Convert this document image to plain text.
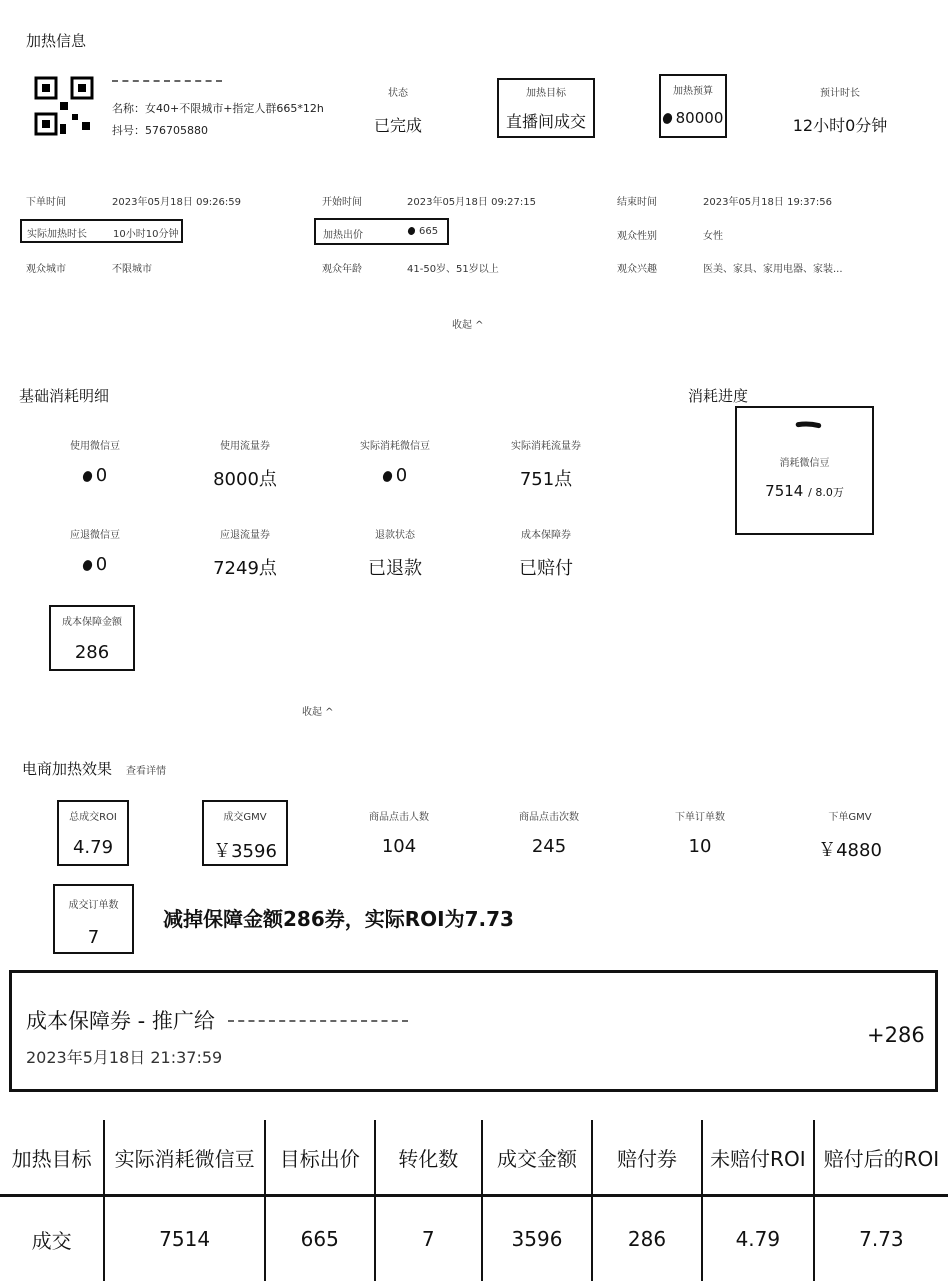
加热信息
名称：女40+不限城市+指定人群665*12h
抖号：576705880
状态
已完成
加热目标
直播间成交
加热预算
80000
预计时长
12小时0分钟
下单时间	2023年05月18日 09:26:59	开始时间	2023年05月18日 09:27:15	结束时间	2023年05月18日 19:37:56
实际加热时长	10小时10分钟	加热出价	665	观众性别	女性
观众城市	不限城市	观众年龄	41-50岁、51岁以上	观众兴趣	医美、家具、家用电器、家装...
收起 ^
基础消耗明细
使用微信豆
0
使用流量券
8000点
实际消耗微信豆
0
实际消耗流量券
751点
应退微信豆
0
应退流量券
7249点
退款状态
已退款
成本保障券
已赔付
成本保障金额
286
收起 ^
消耗进度
消耗微信豆
7514 / 8.0万
电商加热效果 查看详情
总成交ROI
4.79
成交GMV
￥3596
商品点击人数
104
商品点击次数
245
下单订单数
10
下单GMV
￥4880
成交订单数
7
减掉保障金额286券，实际ROI为7.73
成本保障券 - 推广给
2023年5月18日 21:37:59
+286
加热目标	实际消耗微信豆	目标出价	转化数	成交金额	赔付券	未赔付ROI	赔付后的ROI
成交	7514	665	7	3596	286	4.79	7.73
